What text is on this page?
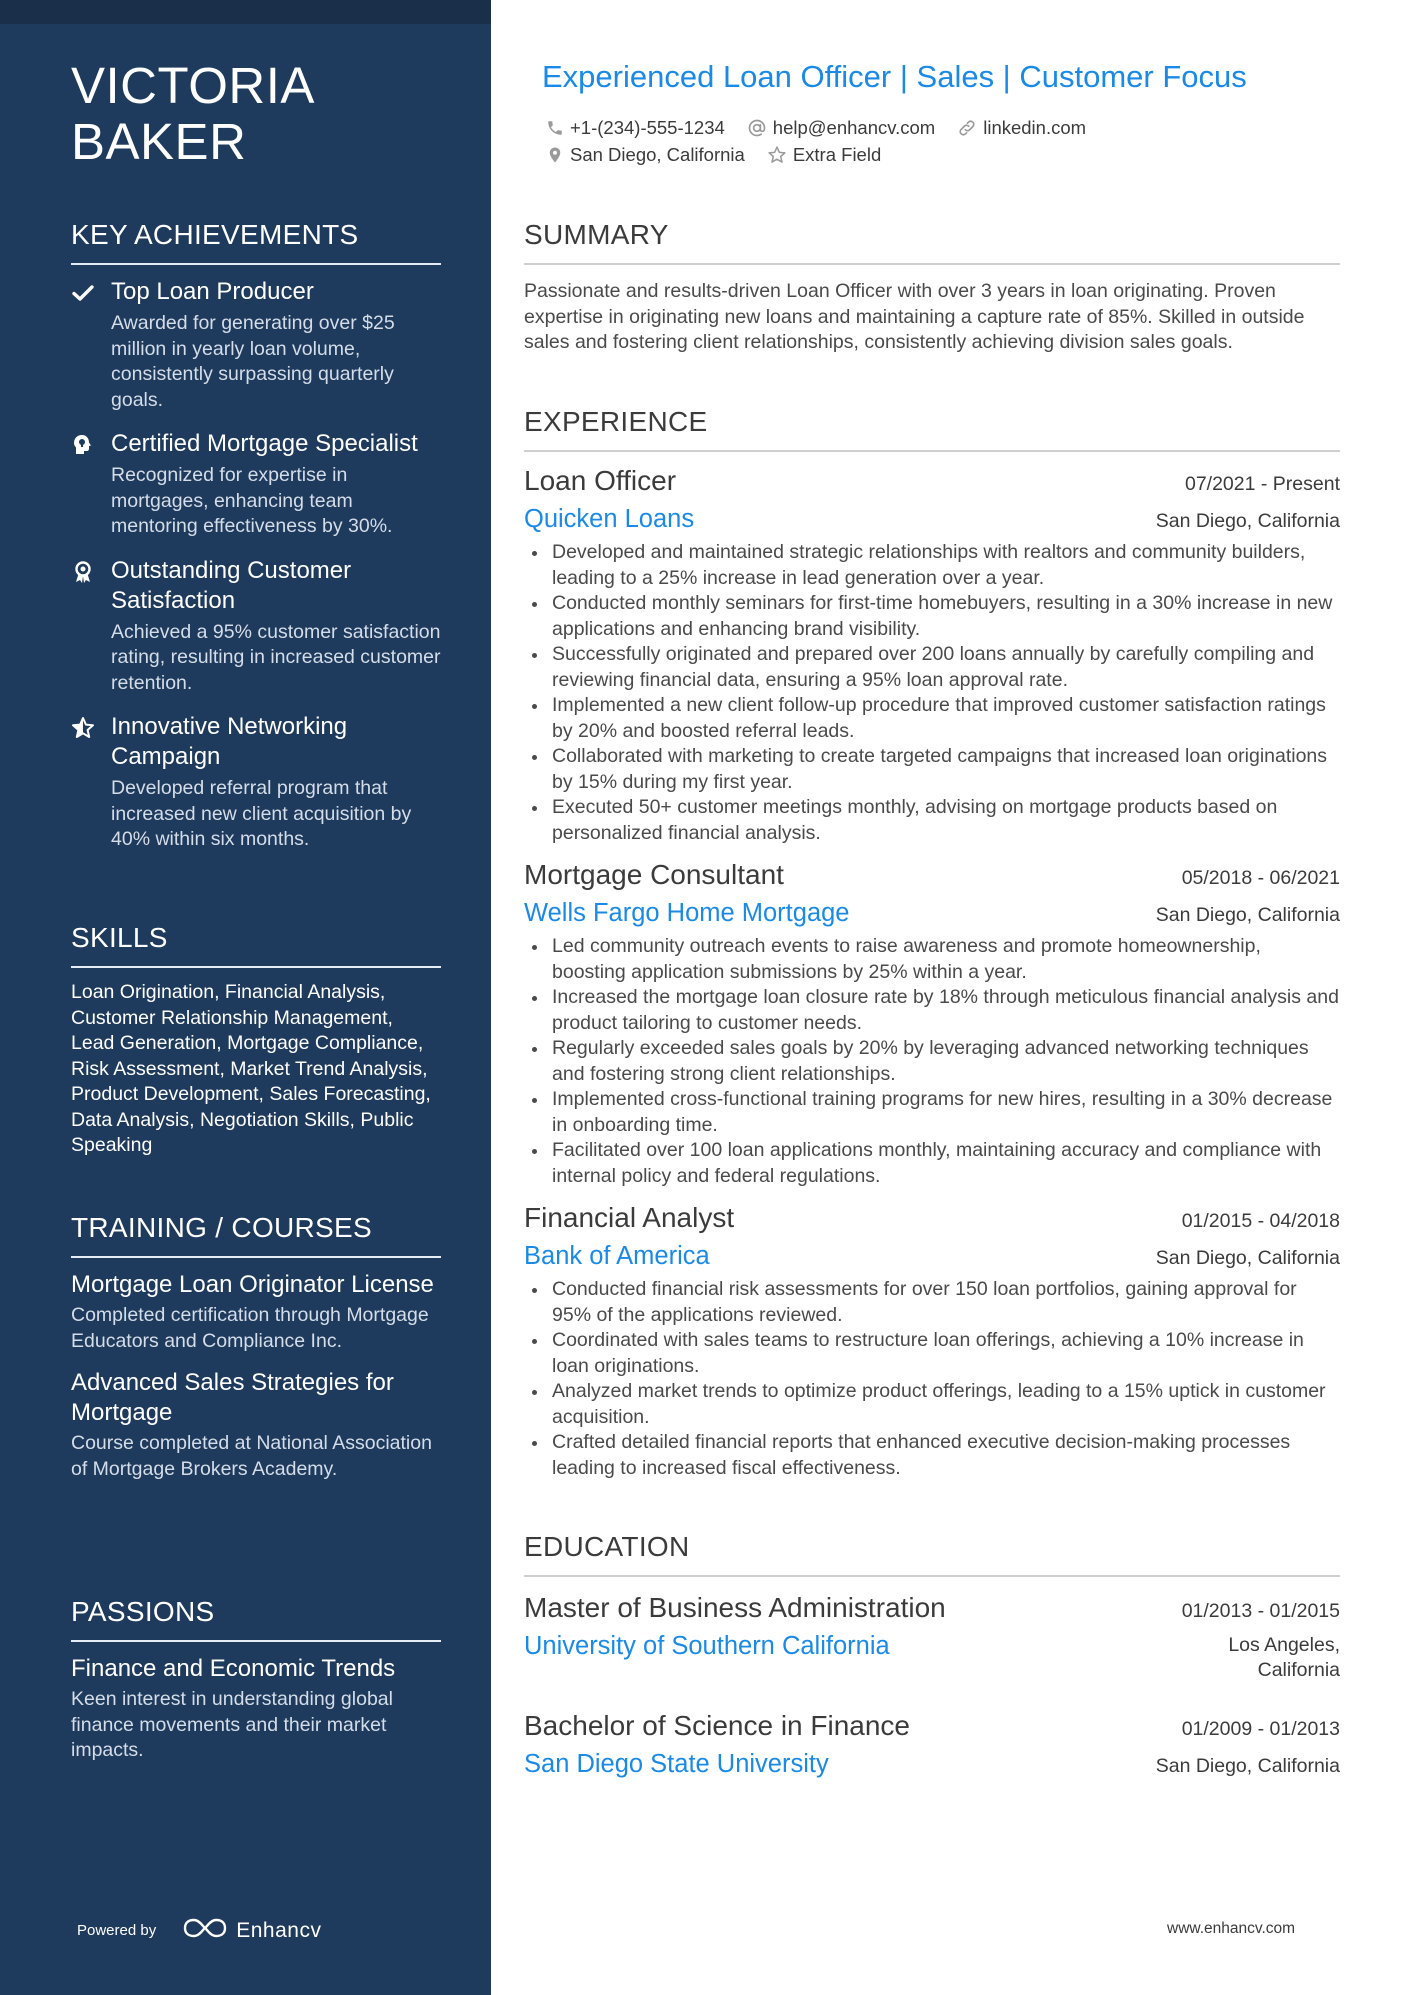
VICTORIA
BAKER
KEY ACHIEVEMENTS
Top Loan Producer
Awarded for generating over $25 million in yearly loan volume, consistently surpassing quarterly goals.
Certified Mortgage Specialist
Recognized for expertise in mortgages, enhancing team mentoring effectiveness by 30%.
Outstanding Customer Satisfaction
Achieved a 95% customer satisfaction rating, resulting in increased customer retention.
Innovative Networking Campaign
Developed referral program that increased new client acquisition by 40% within six months.
SKILLS
Loan Origination, Financial Analysis, Customer Relationship Management, Lead Generation, Mortgage Compliance, Risk Assessment, Market Trend Analysis, Product Development, Sales Forecasting, Data Analysis, Negotiation Skills, Public Speaking
TRAINING / COURSES
Mortgage Loan Originator License
Completed certification through Mortgage Educators and Compliance Inc.
Advanced Sales Strategies for Mortgage
Course completed at National Association of Mortgage Brokers Academy.
PASSIONS
Finance and Economic Trends
Keen interest in understanding global finance movements and their market impacts.
Powered by	Enhancv
Experienced Loan Officer | Sales | Customer Focus
+1-(234)-555-1234	help@enhancv.com	linkedin.com
San Diego, California	Extra Field
SUMMARY
Passionate and results-driven Loan Officer with over 3 years in loan originating. Proven expertise in originating new loans and maintaining a capture rate of 85%. Skilled in outside sales and fostering client relationships, consistently achieving division sales goals.
EXPERIENCE
Loan Officer	07/2021 - Present
Quicken Loans	San Diego, California
Developed and maintained strategic relationships with realtors and community builders, leading to a 25% increase in lead generation over a year.
Conducted monthly seminars for first-time homebuyers, resulting in a 30% increase in new applications and enhancing brand visibility.
Successfully originated and prepared over 200 loans annually by carefully compiling and reviewing financial data, ensuring a 95% loan approval rate.
Implemented a new client follow-up procedure that improved customer satisfaction ratings by 20% and boosted referral leads.
Collaborated with marketing to create targeted campaigns that increased loan originations by 15% during my first year.
Executed 50+ customer meetings monthly, advising on mortgage products based on personalized financial analysis.
Mortgage Consultant	05/2018 - 06/2021
Wells Fargo Home Mortgage	San Diego, California
Led community outreach events to raise awareness and promote homeownership, boosting application submissions by 25% within a year.
Increased the mortgage loan closure rate by 18% through meticulous financial analysis and product tailoring to customer needs.
Regularly exceeded sales goals by 20% by leveraging advanced networking techniques and fostering strong client relationships.
Implemented cross-functional training programs for new hires, resulting in a 30% decrease in onboarding time.
Facilitated over 100 loan applications monthly, maintaining accuracy and compliance with internal policy and federal regulations.
Financial Analyst	01/2015 - 04/2018
Bank of America	San Diego, California
Conducted financial risk assessments for over 150 loan portfolios, gaining approval for 95% of the applications reviewed.
Coordinated with sales teams to restructure loan offerings, achieving a 10% increase in loan originations.
Analyzed market trends to optimize product offerings, leading to a 15% uptick in customer acquisition.
Crafted detailed financial reports that enhanced executive decision-making processes leading to increased fiscal effectiveness.
EDUCATION
Master of Business Administration	01/2013 - 01/2015
University of Southern California	Los Angeles,
California
Bachelor of Science in Finance	01/2009 - 01/2013
San Diego State University	San Diego, California
www.enhancv.com
